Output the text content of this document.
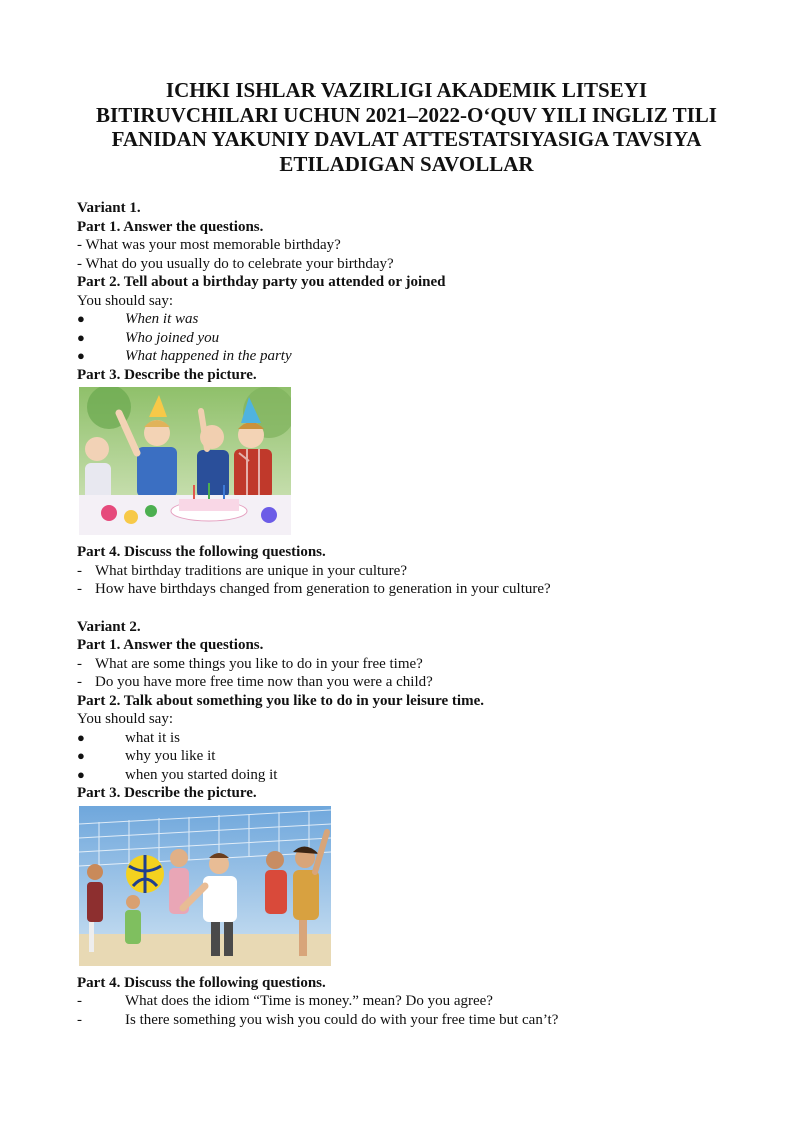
ICHKI ISHLAR VAZIRLIGI AKADEMIK LITSEYI
BITIRUVCHILARI UCHUN 2021–2022-O‘QUV YILI INGLIZ TILI
FANIDAN YAKUNIY DAVLAT ATTESTATSIYASIGA TAVSIYA
ETILADIGAN SAVOLLAR
Variant 1.
Part 1. Answer the questions.
- What was your most memorable birthday?
- What do you usually do to celebrate your birthday?
Part 2. Tell about a birthday party you attended or joined
You should say:
●	When it was
●	Who joined you
●	What happened in the party
Part 3. Describe the picture.
Part 4. Discuss the following questions.
- What birthday traditions are unique in your culture?
- How have birthdays changed from generation to generation in your culture?
Variant 2.
Part 1. Answer the questions.
- What are some things you like to do in your free time?
- Do you have more free time now than you were a child?
Part 2. Talk about something you like to do in your leisure time.
You should say:
●	what it is
●	why you like it
●	when you started doing it
Part 3. Describe the picture.
Part 4. Discuss the following questions.
-	What does the idiom “Time is money.” mean? Do you agree?
-	Is there something you wish you could do with your free time but can’t?
